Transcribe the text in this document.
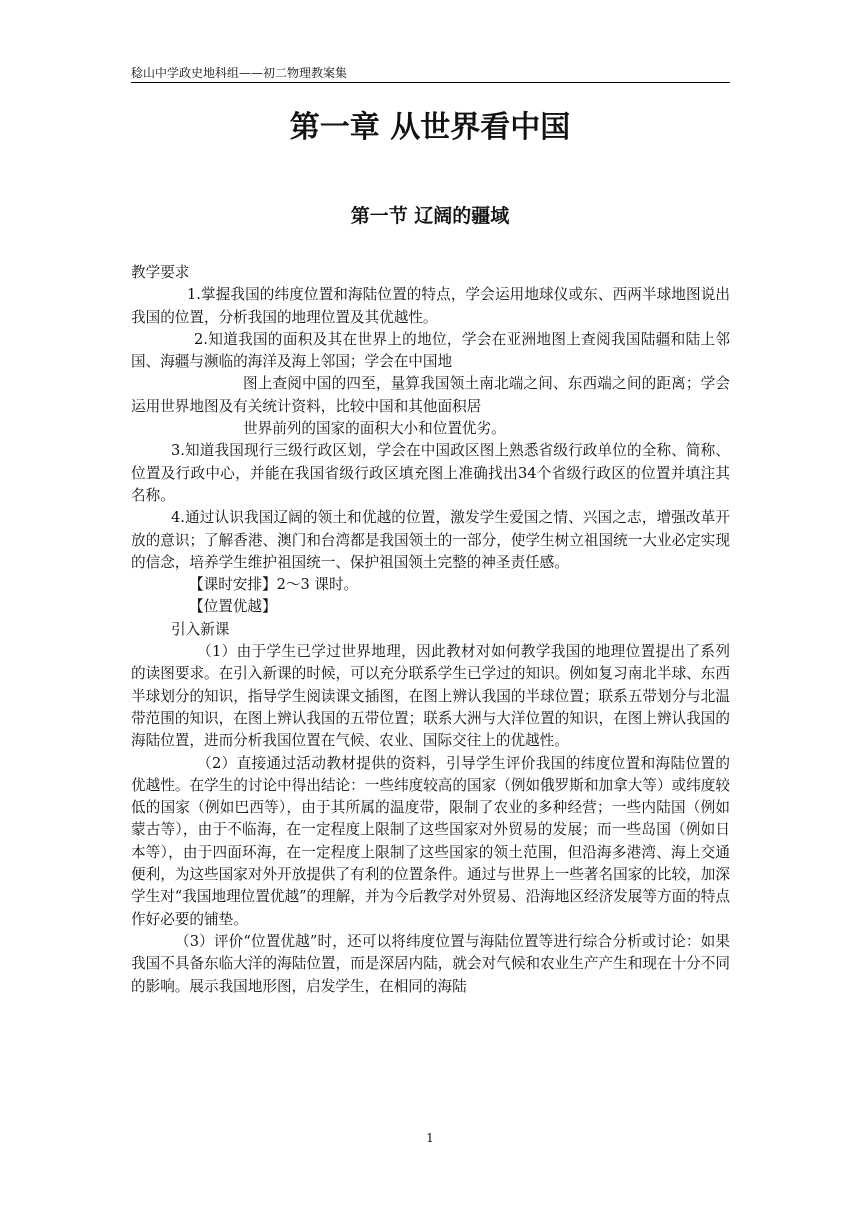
稔山中学政史地科组——初二物理教案集
第一章 从世界看中国
第一节 辽阔的疆域

教学要求

1.掌握我国的纬度位置和海陆位置的特点，学会运用地球仪或东、西两半球地图说出我国的位置，分析我国的地理位置及其优越性。

2.知道我国的面积及其在世界上的地位，学会在亚洲地图上查阅我国陆疆和陆上邻国、海疆与濒临的海洋及海上邻国；学会在中国地

图上查阅中国的四至，量算我国领土南北端之间、东西端之间的距离；学会运用世界地图及有关统计资料，比较中国和其他面积居

世界前列的国家的面积大小和位置优劣。

3.知道我国现行三级行政区划，学会在中国政区图上熟悉省级行政单位的全称、简称、位置及行政中心，并能在我国省级行政区填充图上准确找出34个省级行政区的位置并填注其名称。

4.通过认识我国辽阔的领土和优越的位置，激发学生爱国之情、兴国之志，增强改革开放的意识；了解香港、澳门和台湾都是我国领土的一部分，使学生树立祖国统一大业必定实现的信念，培养学生维护祖国统一、保护祖国领土完整的神圣责任感。

【课时安排】2～3 课时。

【位置优越】

引入新课

（1）由于学生已学过世界地理，因此教材对如何教学我国的地理位置提出了系列的读图要求。在引入新课的时候，可以充分联系学生已学过的知识。例如复习南北半球、东西半球划分的知识，指导学生阅读课文插图，在图上辨认我国的半球位置；联系五带划分与北温带范围的知识，在图上辨认我国的五带位置；联系大洲与大洋位置的知识，在图上辨认我国的海陆位置，进而分析我国位置在气候、农业、国际交往上的优越性。

（2）直接通过活动教材提供的资料，引导学生评价我国的纬度位置和海陆位置的优越性。在学生的讨论中得出结论：一些纬度较高的国家（例如俄罗斯和加拿大等）或纬度较低的国家（例如巴西等），由于其所属的温度带，限制了农业的多种经营；一些内陆国（例如蒙古等），由于不临海，在一定程度上限制了这些国家对外贸易的发展；而一些岛国（例如日本等），由于四面环海，在一定程度上限制了这些国家的领土范围，但沿海多港湾、海上交通便利，为这些国家对外开放提供了有利的位置条件。通过与世界上一些著名国家的比较，加深学生对“我国地理位置优越”的理解，并为今后教学对外贸易、沿海地区经济发展等方面的特点作好必要的铺垫。

（3）评价“位置优越”时，还可以将纬度位置与海陆位置等进行综合分析或讨论：如果我国不具备东临大洋的海陆位置，而是深居内陆，就会对气候和农业生产产生和现在十分不同的影响。展示我国地形图，启发学生，在相同的海陆

1
